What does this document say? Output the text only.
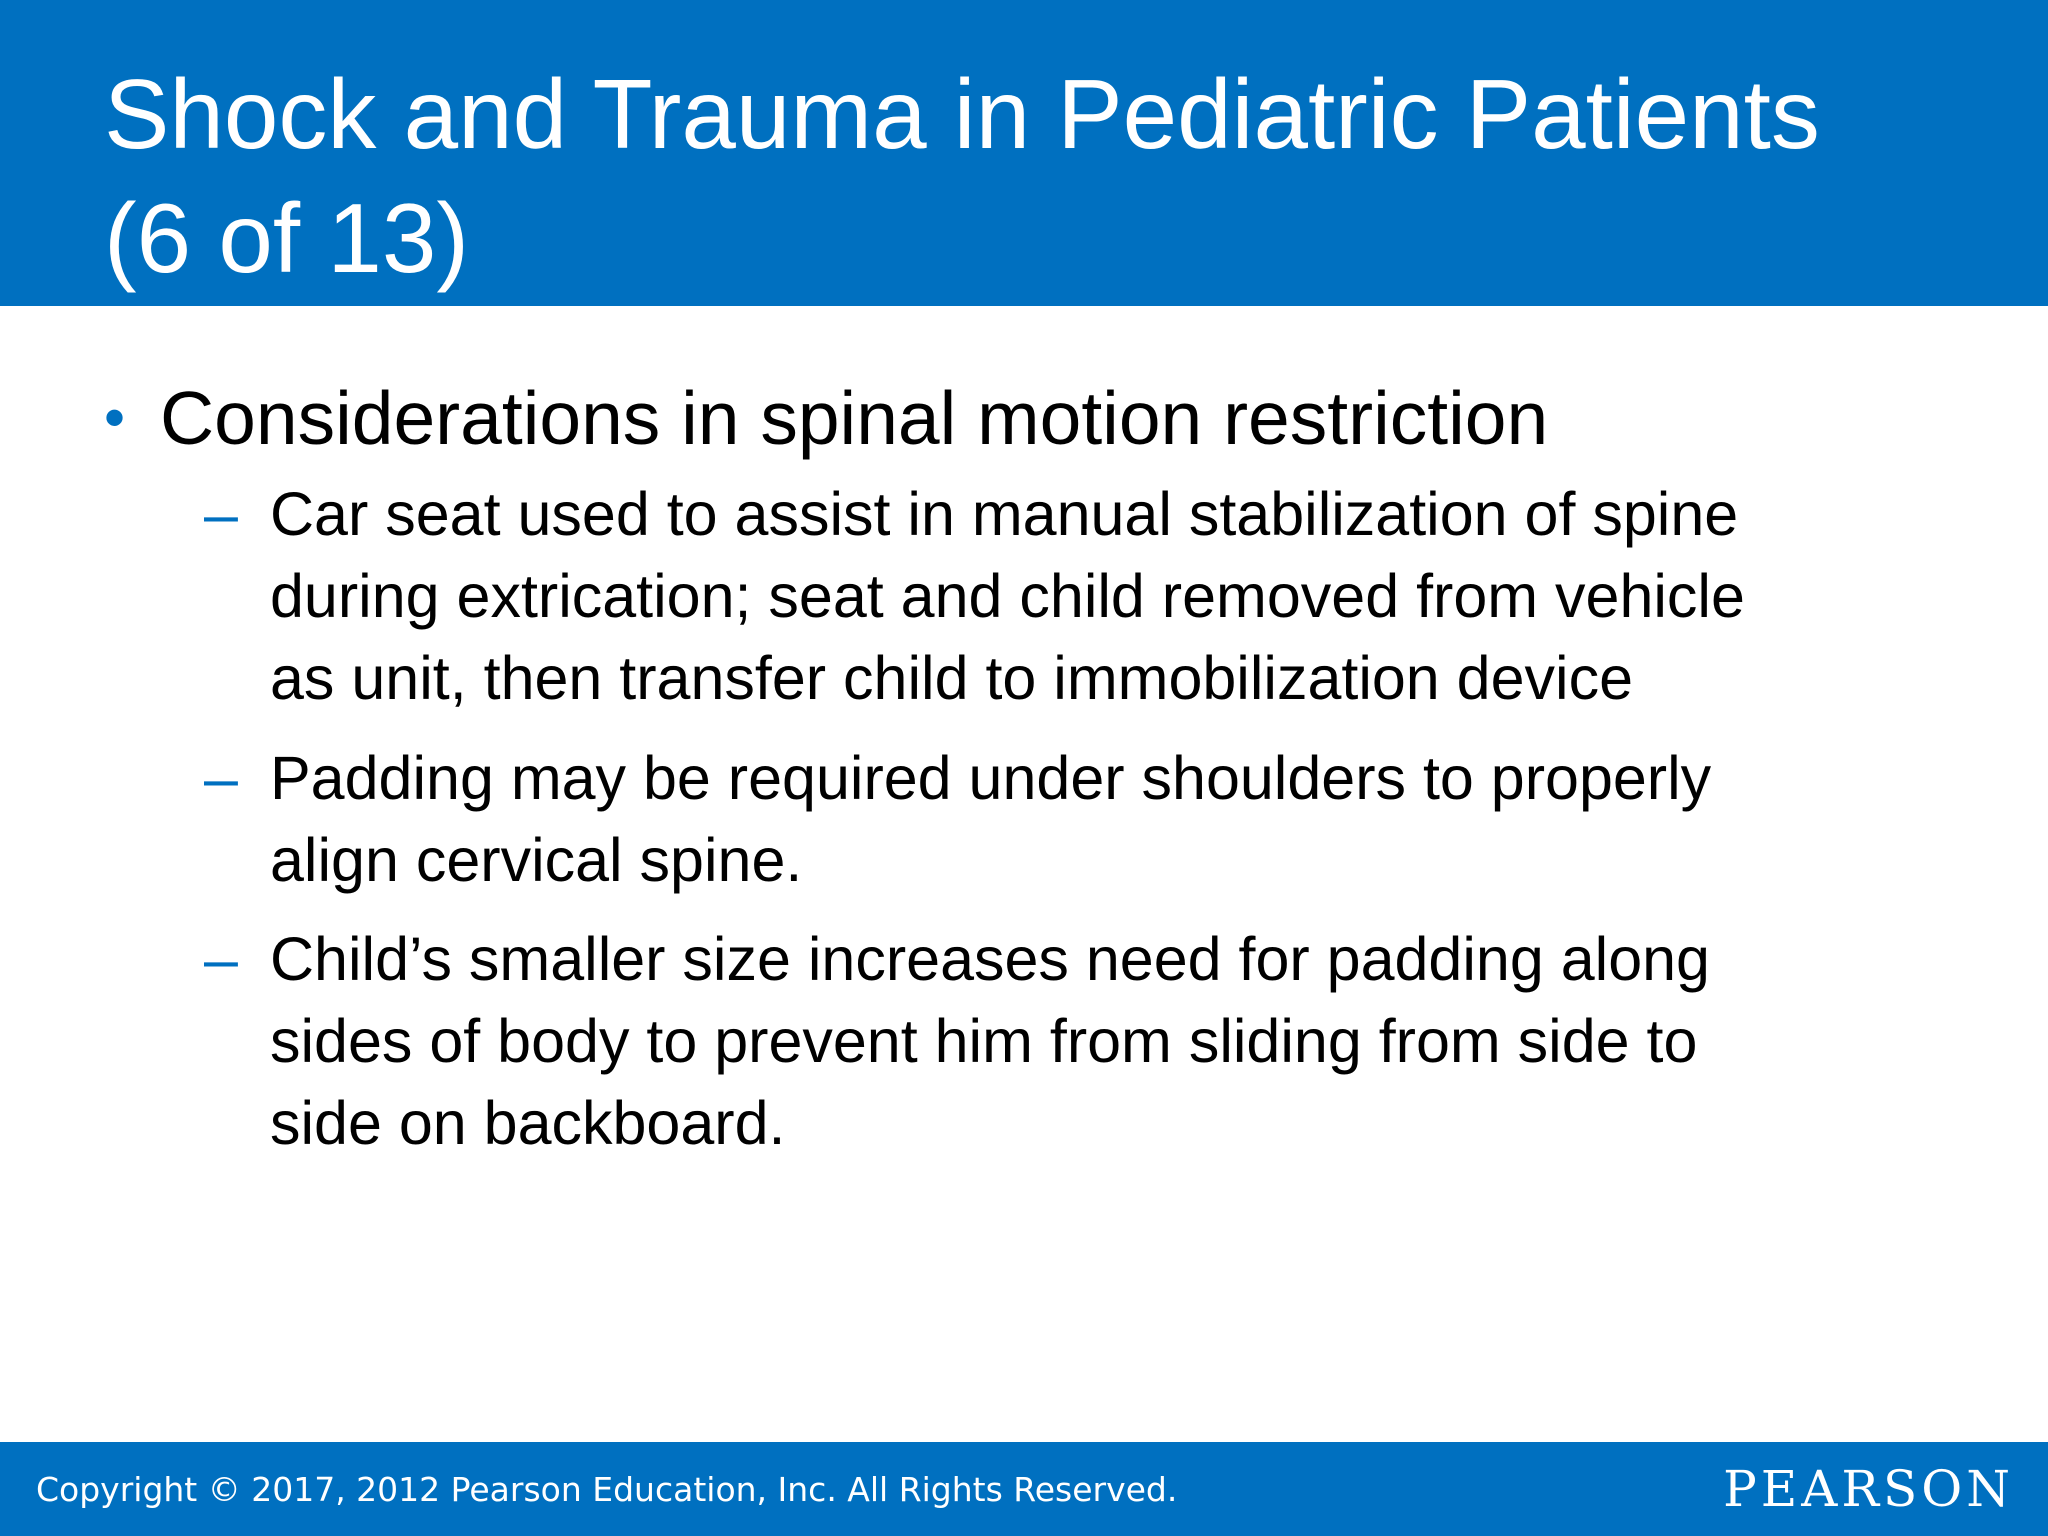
Shock and Trauma in Pediatric Patients
(6 of 13)
• Considerations in spinal motion restriction
– Car seat used to assist in manual stabilization of spine
during extrication; seat and child removed from vehicle
as unit, then transfer child to immobilization device
– Padding may be required under shoulders to properly
align cervical spine.
– Child’s smaller size increases need for padding along
sides of body to prevent him from sliding from side to
side on backboard.
Copyright © 2017, 2012 Pearson Education, Inc. All Rights Reserved.	PEARSON
